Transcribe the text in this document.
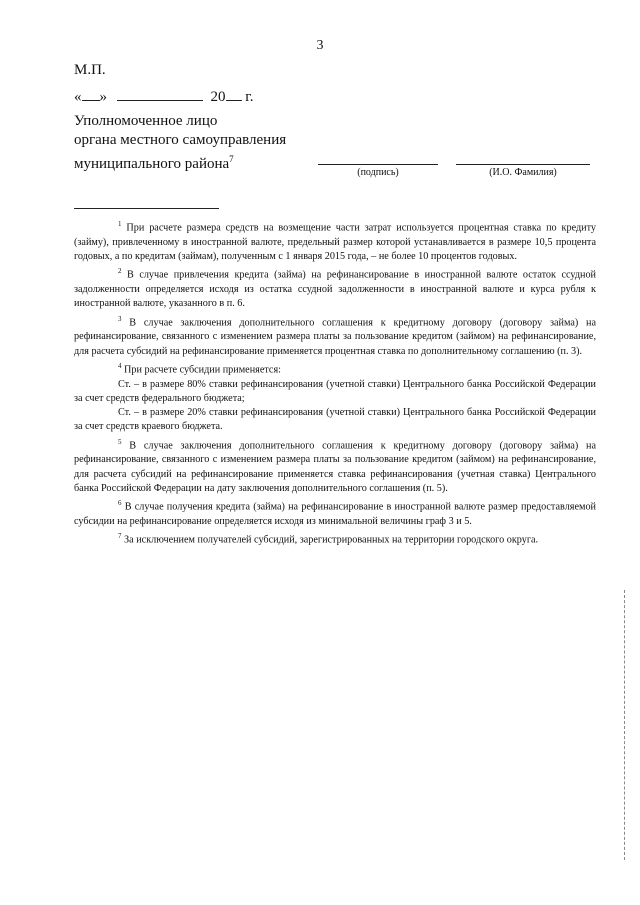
3
М.П.
« »	20 г.
Уполномоченное лицо
органа местного самоуправления
муниципального района$^7$
(подпись)	(И.О. Фамилия)

$^1$ При расчете размера средств на возмещение части затрат используется процентная ставка по кредиту (займу), привлеченному в иностранной валюте, предельный размер которой устанавливается в размере 10,5 процента годовых, а по кредитам (займам), полученным с 1 января 2015 года, – не более 10 процентов годовых.

$^2$ В случае привлечения кредита (займа) на рефинансирование в иностранной валюте остаток ссудной задолженности определяется исходя из остатка ссудной задолженности в иностранной валюте и курса рубля к иностранной валюте, указанного в п. 6.

$^3$ В случае заключения дополнительного соглашения к кредитному договору (договору займа) на рефинансирование, связанного с изменением размера платы за пользование кредитом (займом) на рефинансирование, для расчета субсидий на рефинансирование применяется процентная ставка по дополнительному соглашению (п. 3).

$^4$ При расчете субсидии применяется:

Ст. – в размере 80% ставки рефинансирования (учетной ставки) Центрального банка Российской Федерации за счет средств федерального бюджета;

Ст. – в размере 20% ставки рефинансирования (учетной ставки) Центрального банка Российской Федерации за счет средств краевого бюджета.

$^5$ В случае заключения дополнительного соглашения к кредитному договору (договору займа) на рефинансирование, связанного с изменением размера платы за пользование кредитом (займом) на рефинансирование, для расчета субсидий на рефинансирование применяется ставка рефинансирования (учетная ставка) Центрального банка Российской Федерации на дату заключения дополнительного соглашения (п. 5).

$^6$ В случае получения кредита (займа) на рефинансирование в иностранной валюте размер предоставляемой субсидии на рефинансирование определяется исходя из минимальной величины граф 3 и 5.

$^7$ За исключением получателей субсидий, зарегистрированных на территории городского округа.
